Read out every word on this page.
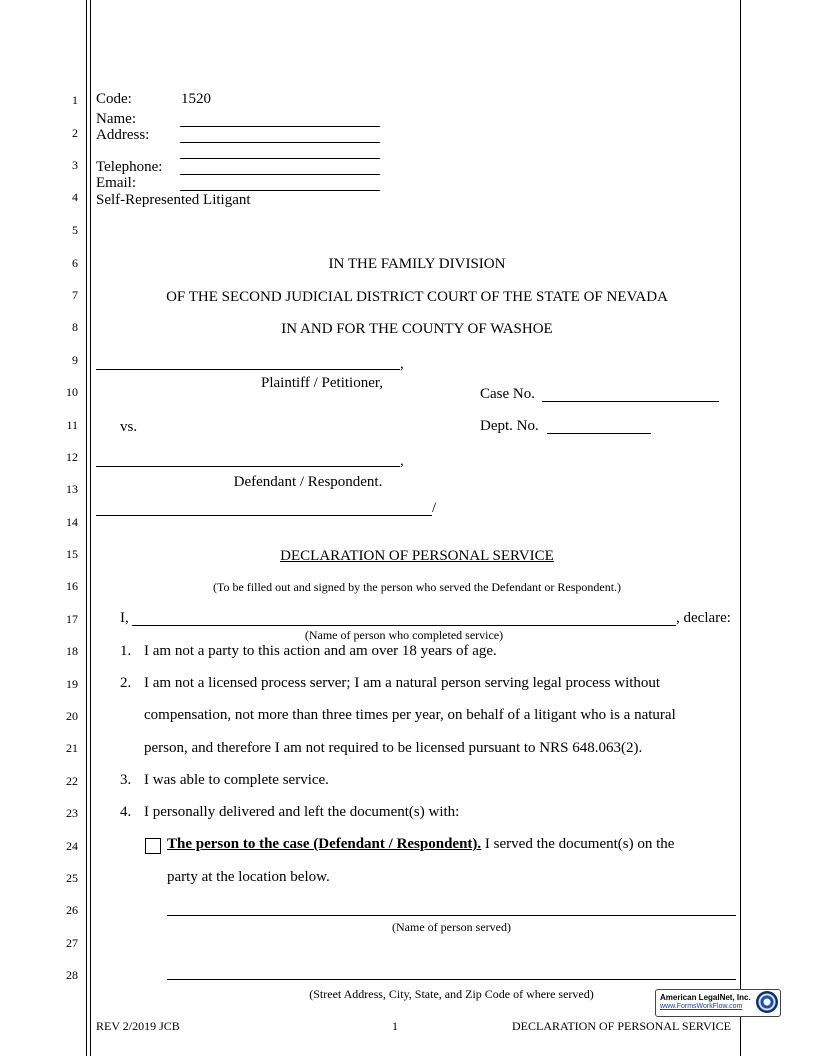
1
2
3
4
5
6
7
8
9
10
11
12
13
14
15
16
17
18
19
20
21
22
23
24
25
26
27
28
Code:	1520
Name:
Address:
Telephone:
Email:
Self-Represented Litigant
IN THE FAMILY DIVISION
OF THE SECOND JUDICIAL DISTRICT COURT OF THE STATE OF NEVADA
IN AND FOR THE COUNTY OF WASHOE
,
Plaintiff / Petitioner,
Case No.
vs.	Dept. No.
,
Defendant / Respondent.
/
DECLARATION OF PERSONAL SERVICE
(To be filled out and signed by the person who served the Defendant or Respondent.)
I,	, declare:
(Name of person who completed service)
1. I am not a party to this action and am over 18 years of age.
2. I am not a licensed process server; I am a natural person serving legal process without
compensation, not more than three times per year, on behalf of a litigant who is a natural
person, and therefore I am not required to be licensed pursuant to NRS 648.063(2).
3. I was able to complete service.
4. I personally delivered and left the document(s) with:
The person to the case (Defendant / Respondent). I served the document(s) on the
party at the location below.
(Name of person served)
(Street Address, City, State, and Zip Code of where served)	American LegalNet, Inc.
www.FormsWorkFlow.com
REV 2/2019 JCB	1	DECLARATION OF PERSONAL SERVICE
